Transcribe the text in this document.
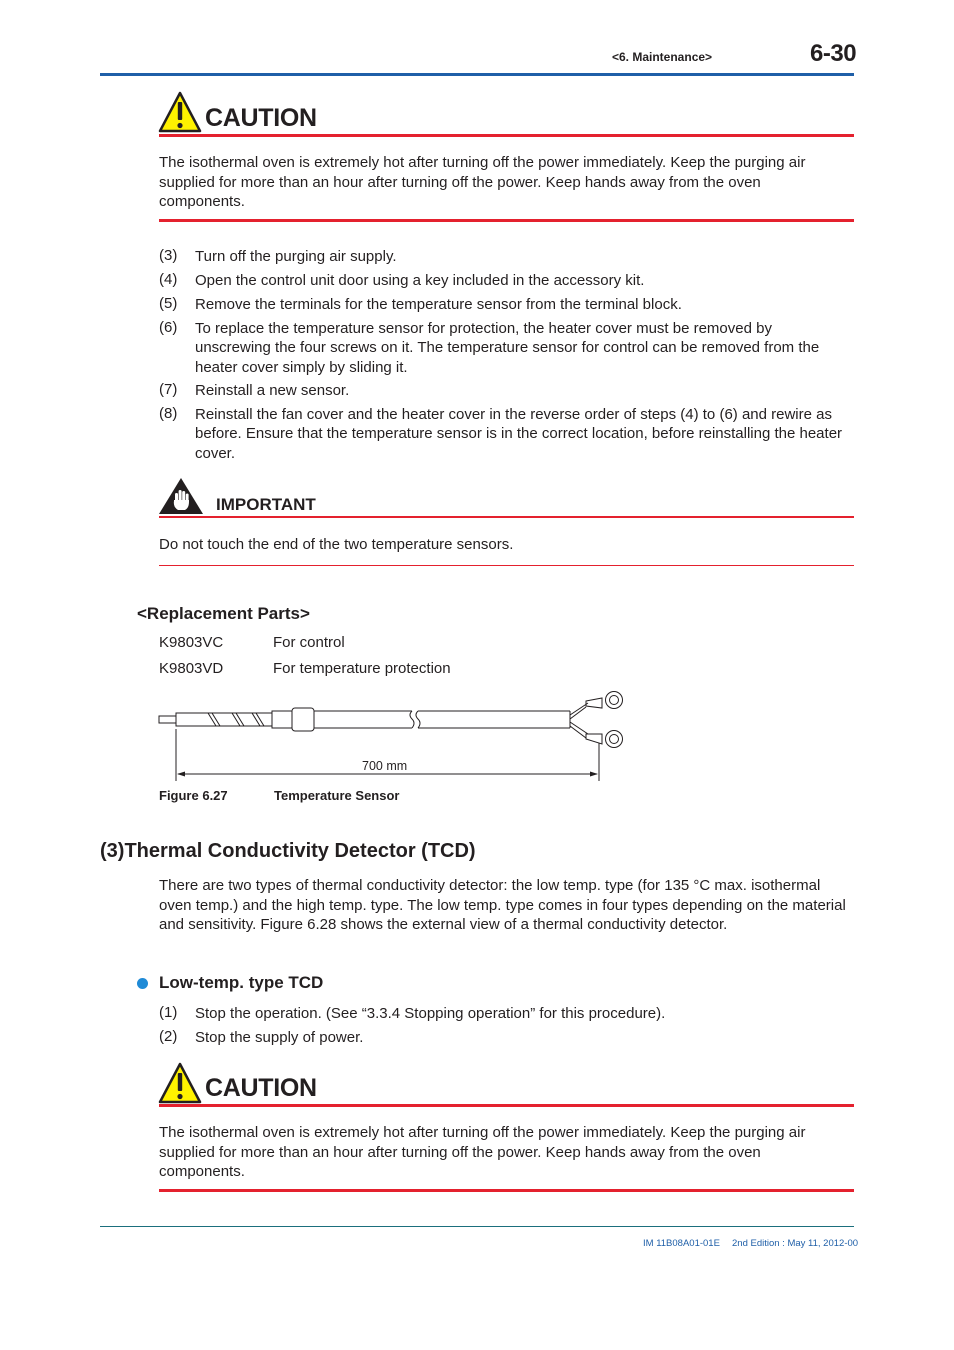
<6. Maintenance>	6-30
CAUTION
The isothermal oven is extremely hot after turning off the power immediately. Keep the purging air supplied for more than an hour after turning off the power. Keep hands away from the oven components.
(3) Turn off the purging air supply.
(4) Open the control unit door using a key included in the accessory kit.
(5) Remove the terminals for the temperature sensor from the terminal block.
(6) To replace the temperature sensor for protection, the heater cover must be removed by unscrewing the four screws on it. The temperature sensor for control can be removed from the heater cover simply by sliding it.
(7) Reinstall a new sensor.
(8) Reinstall the fan cover and the heater cover in the reverse order of steps (4) to (6) and rewire as before. Ensure that the temperature sensor is in the correct location, before reinstalling the heater cover.
IMPORTANT
Do not touch the end of the two temperature sensors.
<Replacement Parts>
K9803VC	For control
K9803VD	For temperature protection
700 mm
Figure 6.27	Temperature Sensor
(3)Thermal Conductivity Detector (TCD)
There are two types of thermal conductivity detector: the low temp. type (for 135 °C max. isothermal oven temp.) and the high temp. type. The low temp. type comes in four types depending on the material and sensitivity. Figure 6.28 shows the external view of a thermal conductivity detector.
Low-temp. type TCD
(1) Stop the operation. (See “3.3.4 Stopping operation” for this procedure).
(2) Stop the supply of power.
CAUTION
The isothermal oven is extremely hot after turning off the power immediately. Keep the purging air supplied for more than an hour after turning off the power. Keep hands away from the oven components.
IM 11B08A01-01E 2nd Edition : May 11, 2012-00
